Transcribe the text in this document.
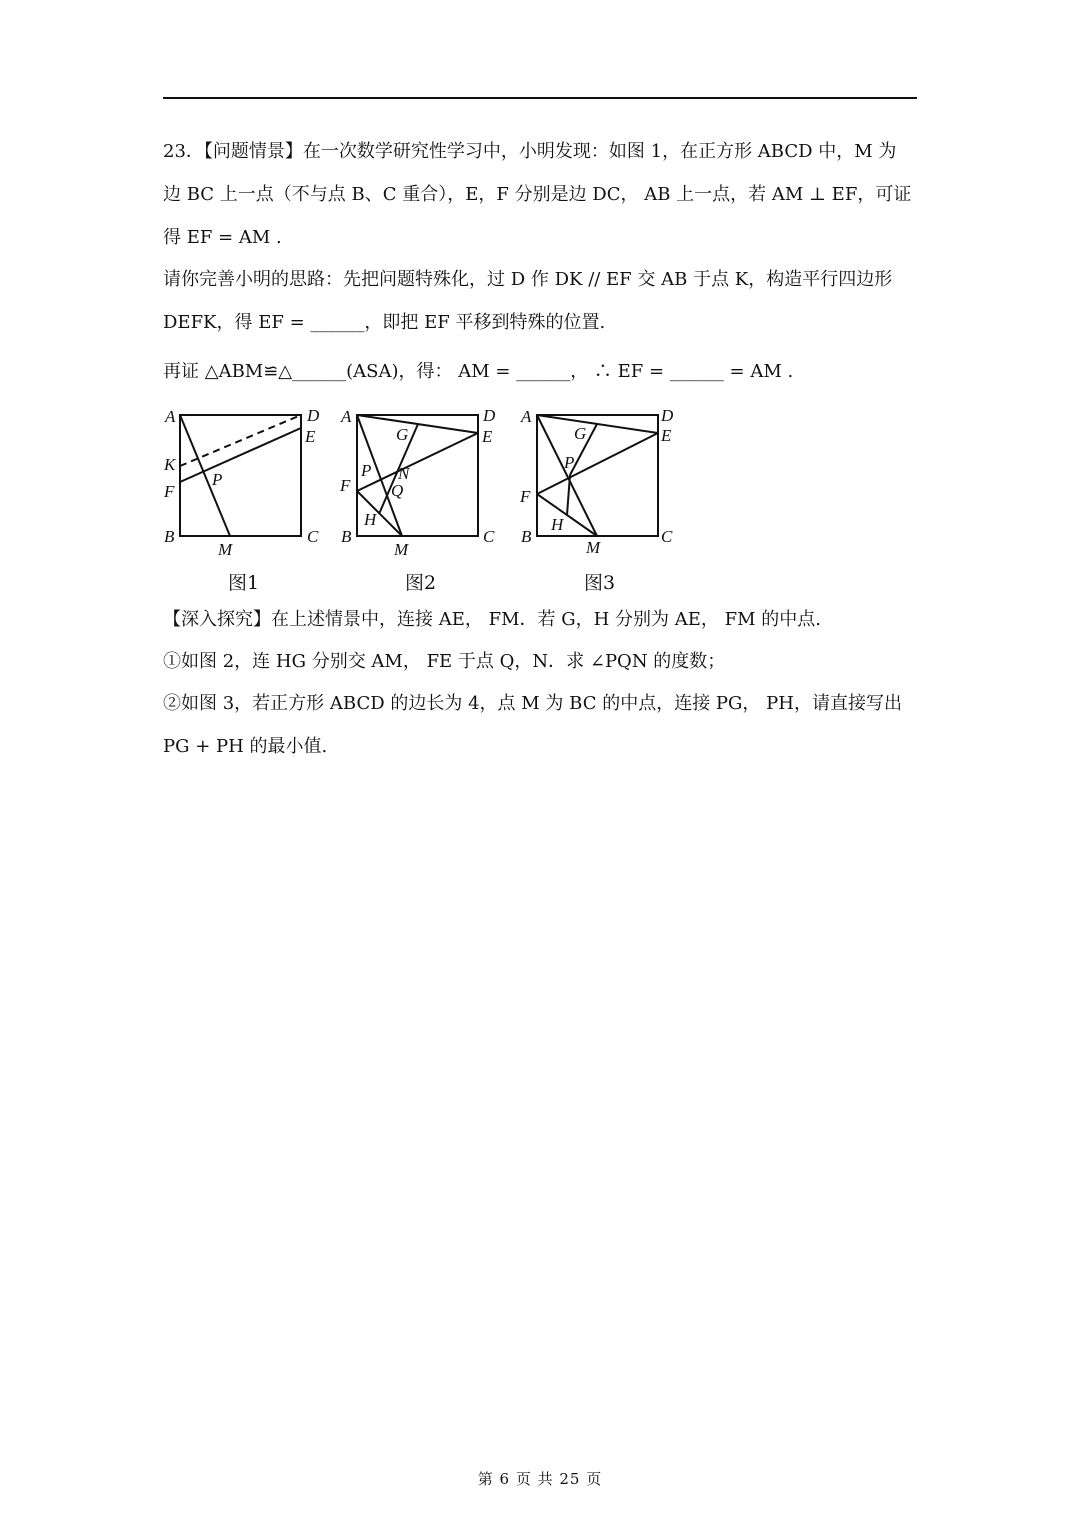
23．【问题情景】在一次数学研究性学习中，小明发现：如图 1，在正方形 ABCD 中，M 为
边 BC 上一点（不与点 B、C 重合），E，F 分别是边 DC， AB 上一点，若 AM ⊥ EF，可证
得 EF = AM .
请你完善小明的思路：先把问题特殊化，过 D 作 DK // EF 交 AB 于点 K，构造平行四边形
DEFK，得 EF = ______，即把 EF 平移到特殊的位置.
再证 △ABM≌△______(ASA)，得： AM = ______， ∴ EF = ______ = AM .
A	D
E
K
F
P
B
M
C
A	D
G	E
P N
F Q
H
B
M
C
A	D
G	E
P
F
H
B
M
C
图1	图2	图3
【深入探究】在上述情景中，连接 AE， FM．若 G，H 分别为 AE， FM 的中点.
①如图 2，连 HG 分别交 AM， FE 于点 Q，N．求 ∠PQN 的度数；
②如图 3，若正方形 ABCD 的边长为 4，点 M 为 BC 的中点，连接 PG， PH，请直接写出
PG + PH 的最小值.
第 6 页 共 25 页
